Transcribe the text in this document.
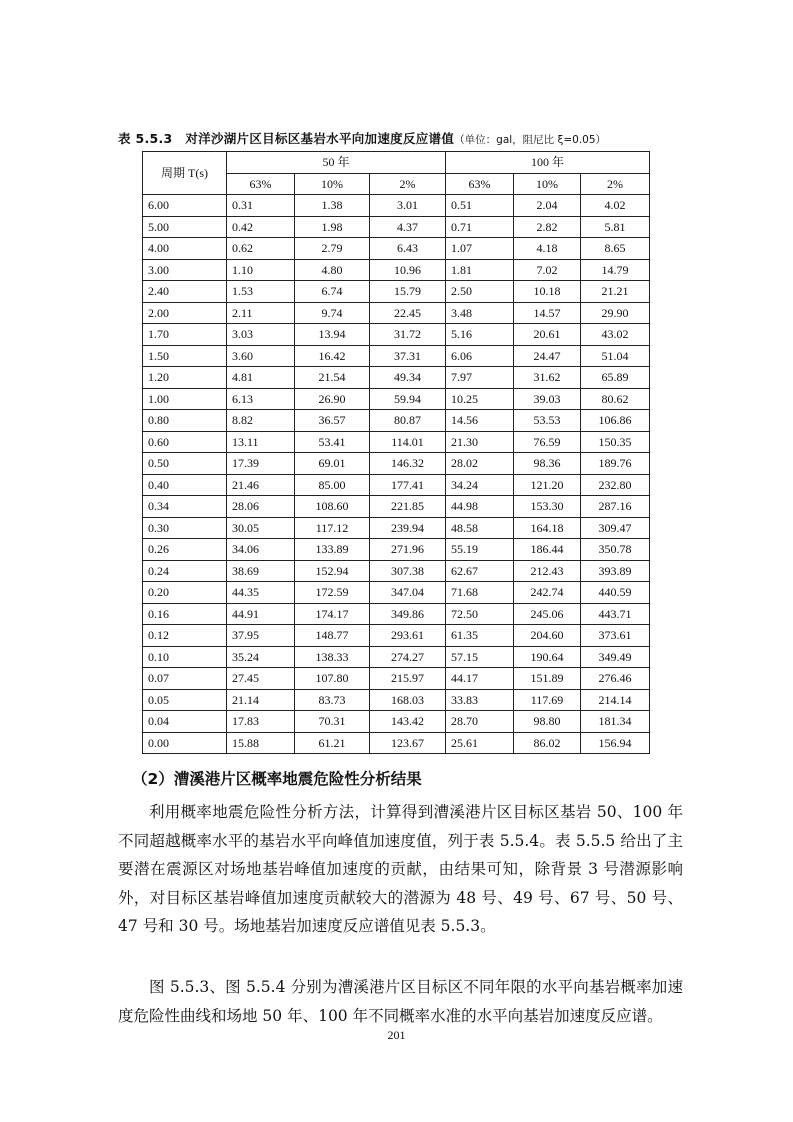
表 5.5.3　对洋沙湖片区目标区基岩水平向加速度反应谱值（单位：gal，阻尼比 ξ=0.05）
周期 T(s)	50 年			100 年		
	63%	10%	2%	63%	10%	2%
6.00	0.31	1.38	3.01	0.51	2.04	4.02
5.00	0.42	1.98	4.37	0.71	2.82	5.81
4.00	0.62	2.79	6.43	1.07	4.18	8.65
3.00	1.10	4.80	10.96	1.81	7.02	14.79
2.40	1.53	6.74	15.79	2.50	10.18	21.21
2.00	2.11	9.74	22.45	3.48	14.57	29.90
1.70	3.03	13.94	31.72	5.16	20.61	43.02
1.50	3.60	16.42	37.31	6.06	24.47	51.04
1.20	4.81	21.54	49.34	7.97	31.62	65.89
1.00	6.13	26.90	59.94	10.25	39.03	80.62
0.80	8.82	36.57	80.87	14.56	53.53	106.86
0.60	13.11	53.41	114.01	21.30	76.59	150.35
0.50	17.39	69.01	146.32	28.02	98.36	189.76
0.40	21.46	85.00	177.41	34.24	121.20	232.80
0.34	28.06	108.60	221.85	44.98	153.30	287.16
0.30	30.05	117.12	239.94	48.58	164.18	309.47
0.26	34.06	133.89	271.96	55.19	186.44	350.78
0.24	38.69	152.94	307.38	62.67	212.43	393.89
0.20	44.35	172.59	347.04	71.68	242.74	440.59
0.16	44.91	174.17	349.86	72.50	245.06	443.71
0.12	37.95	148.77	293.61	61.35	204.60	373.61
0.10	35.24	138.33	274.27	57.15	190.64	349.49
0.07	27.45	107.80	215.97	44.17	151.89	276.46
0.05	21.14	83.73	168.03	33.83	117.69	214.14
0.04	17.83	70.31	143.42	28.70	98.80	181.34
0.00	15.88	61.21	123.67	25.61	86.02	156.94
（2）漕溪港片区概率地震危险性分析结果

利用概率地震危险性分析方法，计算得到漕溪港片区目标区基岩 50、100 年不同超越概率水平的基岩水平向峰值加速度值，列于表 5.5.4。表 5.5.5 给出了主要潜在震源区对场地基岩峰值加速度的贡献，由结果可知，除背景 3 号潜源影响外，对目标区基岩峰值加速度贡献较大的潜源为 48 号、49 号、67 号、50 号、47 号和 30 号。场地基岩加速度反应谱值见表 5.5.3。

图 5.5.3、图 5.5.4 分别为漕溪港片区目标区不同年限的水平向基岩概率加速度危险性曲线和场地 50 年、100 年不同概率水准的水平向基岩加速度反应谱。

201
